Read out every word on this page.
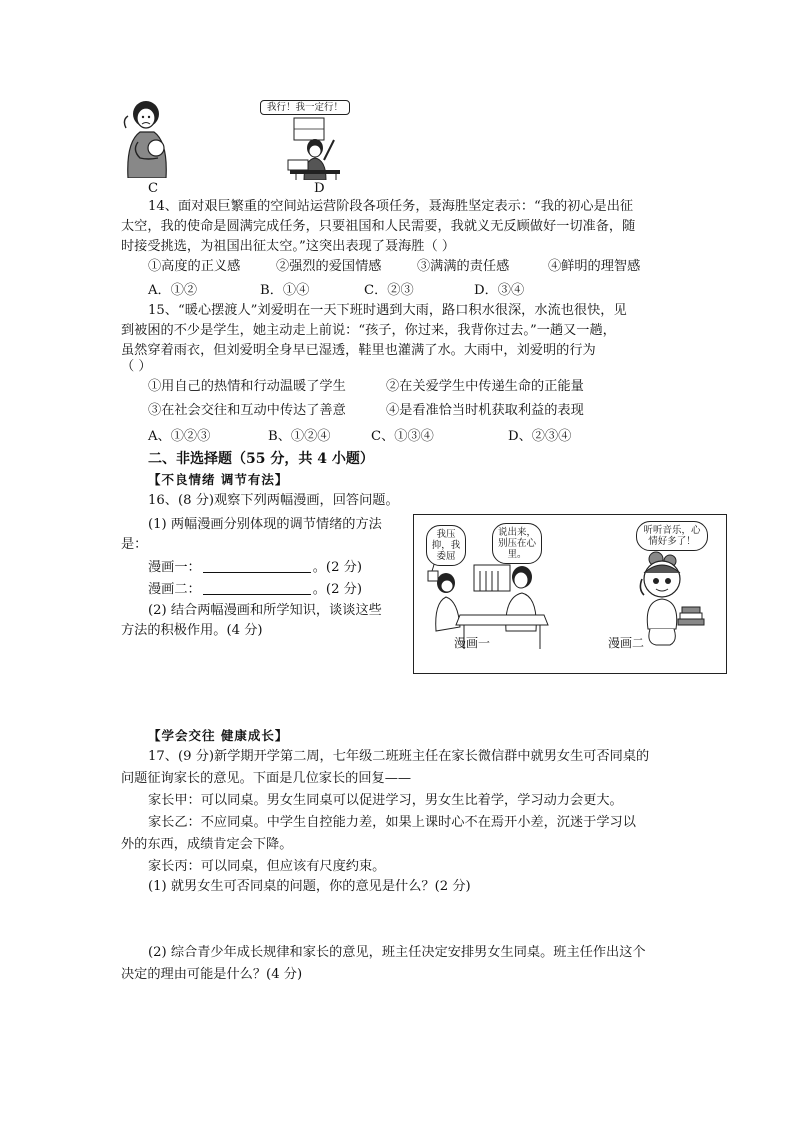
C
我行！我一定行！
D
14、面对艰巨繁重的空间站运营阶段各项任务，聂海胜坚定表示：“我的初心是出征
太空，我的使命是圆满完成任务，只要祖国和人民需要，我就义无反顾做好一切准备，随
时接受挑选，为祖国出征太空。”这突出表现了聂海胜（ ）
①高度的正义感	②强烈的爱国情感	③满满的责任感	④鲜明的理智感
A．①②	B．①④	C．②③	D．③④
15、“暖心摆渡人”刘爱明在一天下班时遇到大雨，路口积水很深，水流也很快，见
到被困的不少是学生，她主动走上前说：“孩子，你过来，我背你过去。”一趟又一趟，
虽然穿着雨衣，但刘爱明全身早已湿透，鞋里也灌满了水。大雨中，刘爱明的行为
（ ）
①用自己的热情和行动温暖了学生	②在关爱学生中传递生命的正能量
③在社会交往和互动中传达了善意	④是看准恰当时机获取利益的表现
A、①②③	B、①②④	C、①③④	D、②③④
二、非选择题（55 分，共 4 小题）
【不良情绪 调节有法】
16、(8 分)观察下列两幅漫画，回答问题。
(1) 两幅漫画分别体现的调节情绪的方法
是：
漫画一：	。(2 分)
漫画二：	。(2 分)
(2) 结合两幅漫画和所学知识，谈谈这些
方法的积极作用。(4 分)
我压抑，我委屈
说出来，别压在心里。
听听音乐，心情好多了！
漫画一	漫画二
【学会交往 健康成长】
17、(9 分)新学期开学第二周，七年级二班班主任在家长微信群中就男女生可否同桌的
问题征询家长的意见。下面是几位家长的回复——
家长甲：可以同桌。男女生同桌可以促进学习，男女生比着学，学习动力会更大。
家长乙：不应同桌。中学生自控能力差，如果上课时心不在焉开小差，沉迷于学习以
外的东西，成绩肯定会下降。
家长丙：可以同桌，但应该有尺度约束。
(1) 就男女生可否同桌的问题，你的意见是什么？(2 分)
(2) 综合青少年成长规律和家长的意见，班主任决定安排男女生同桌。班主任作出这个
决定的理由可能是什么？(4 分)
